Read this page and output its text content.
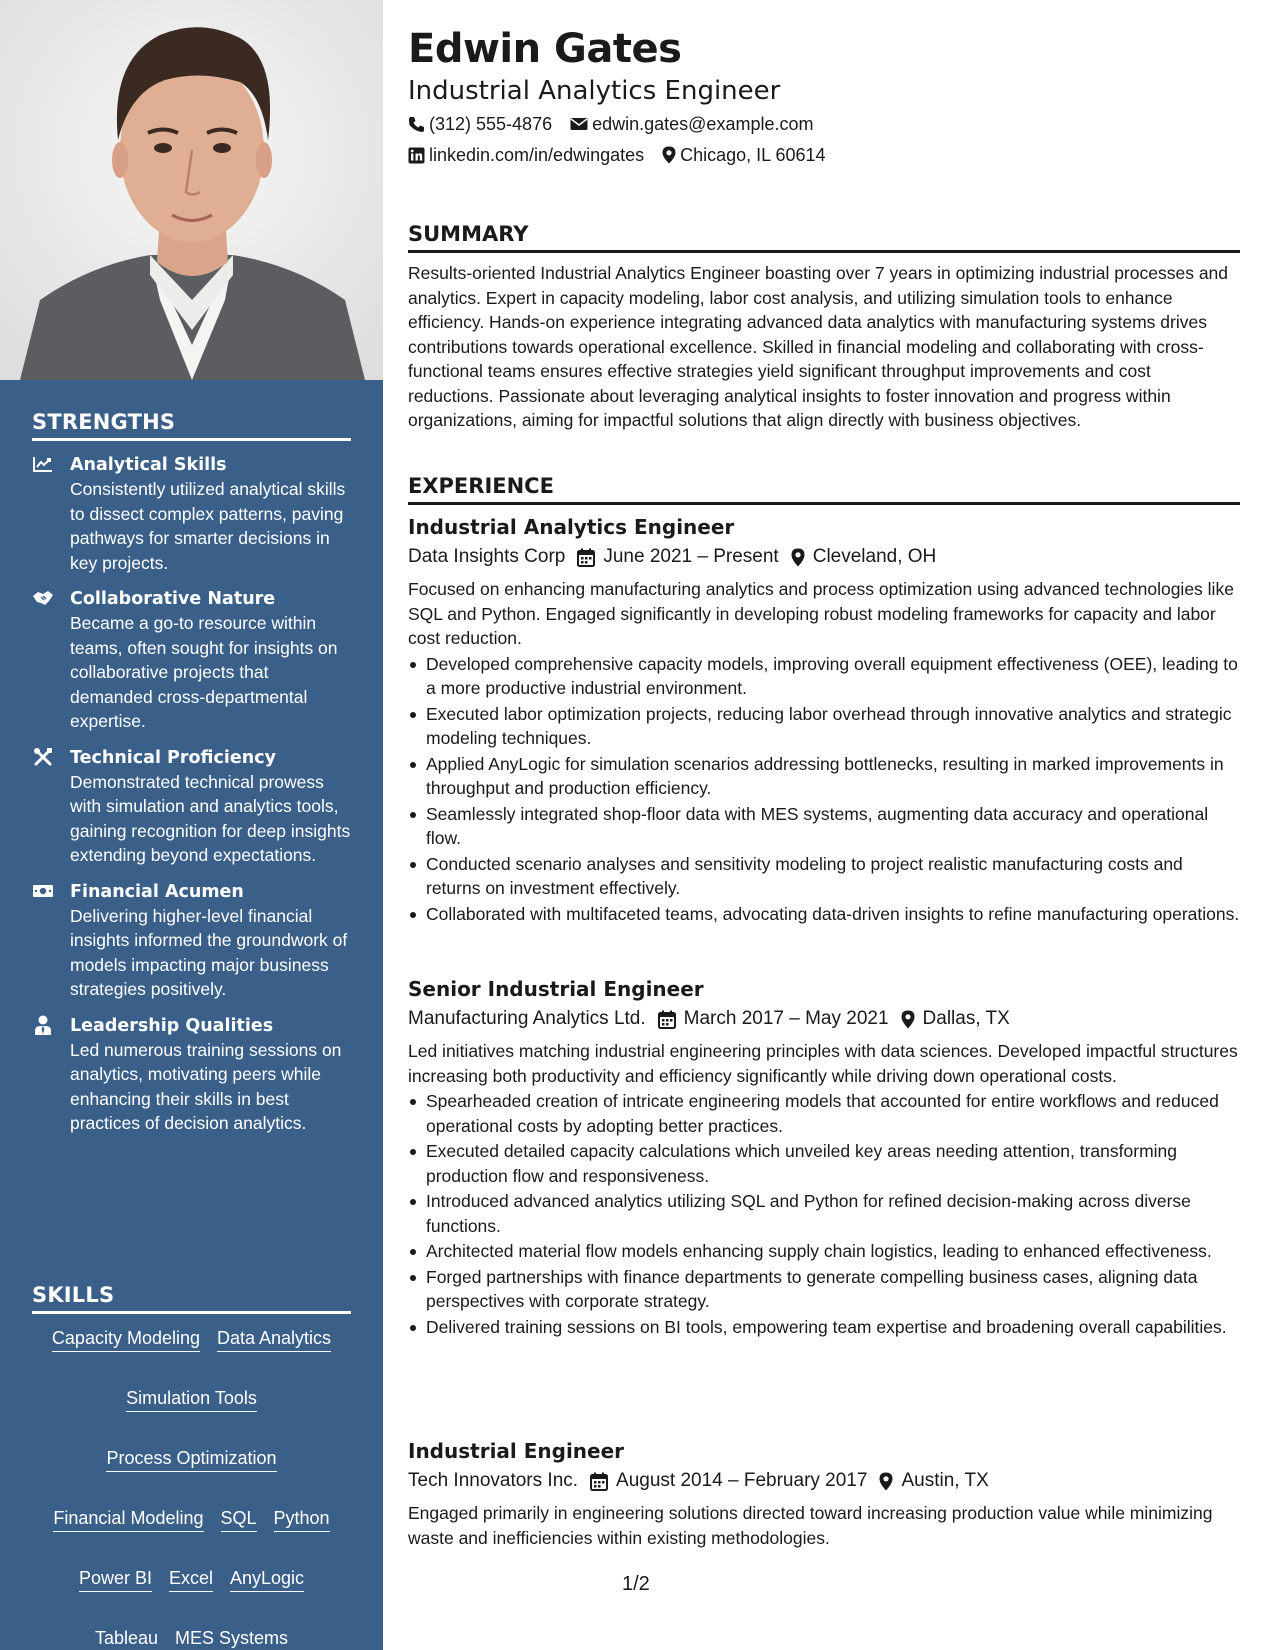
STRENGTHS
Analytical Skills
Consistently utilized analytical skills to dissect complex patterns, paving pathways for smarter decisions in key projects.
Collaborative Nature
Became a go-to resource within teams, often sought for insights on collaborative projects that demanded cross-departmental expertise.
Technical Proficiency
Demonstrated technical prowess with simulation and analytics tools, gaining recognition for deep insights extending beyond expectations.
Financial Acumen
Delivering higher-level financial insights informed the groundwork of models impacting major business strategies positively.
Leadership Qualities
Led numerous training sessions on analytics, motivating peers while enhancing their skills in best practices of decision analytics.
SKILLS
Capacity Modeling Data Analytics
Simulation Tools
Process Optimization
Financial Modeling SQL Python
Power BI Excel AnyLogic
Tableau MES Systems
Edwin Gates
Industrial Analytics Engineer
(312) 555-4876 edwin.gates@example.com
linkedin.com/in/edwingates Chicago, IL 60614
SUMMARY
Results-oriented Industrial Analytics Engineer boasting over 7 years in optimizing industrial processes and analytics. Expert in capacity modeling, labor cost analysis, and utilizing simulation tools to enhance efficiency. Hands-on experience integrating advanced data analytics with manufacturing systems drives contributions towards operational excellence. Skilled in financial modeling and collaborating with cross-functional teams ensures effective strategies yield significant throughput improvements and cost reductions. Passionate about leveraging analytical insights to foster innovation and progress within organizations, aiming for impactful solutions that align directly with business objectives.
EXPERIENCE
Industrial Analytics Engineer
Data Insights Corp June 2021 – Present Cleveland, OH
Focused on enhancing manufacturing analytics and process optimization using advanced technologies like SQL and Python. Engaged significantly in developing robust modeling frameworks for capacity and labor cost reduction.
Developed comprehensive capacity models, improving overall equipment effectiveness (OEE), leading to a more productive industrial environment.
Executed labor optimization projects, reducing labor overhead through innovative analytics and strategic modeling techniques.
Applied AnyLogic for simulation scenarios addressing bottlenecks, resulting in marked improvements in throughput and production efficiency.
Seamlessly integrated shop-floor data with MES systems, augmenting data accuracy and operational flow.
Conducted scenario analyses and sensitivity modeling to project realistic manufacturing costs and returns on investment effectively.
Collaborated with multifaceted teams, advocating data-driven insights to refine manufacturing operations.
Senior Industrial Engineer
Manufacturing Analytics Ltd. March 2017 – May 2021 Dallas, TX
Led initiatives matching industrial engineering principles with data sciences. Developed impactful structures increasing both productivity and efficiency significantly while driving down operational costs.
Spearheaded creation of intricate engineering models that accounted for entire workflows and reduced operational costs by adopting better practices.
Executed detailed capacity calculations which unveiled key areas needing attention, transforming production flow and responsiveness.
Introduced advanced analytics utilizing SQL and Python for refined decision-making across diverse functions.
Architected material flow models enhancing supply chain logistics, leading to enhanced effectiveness.
Forged partnerships with finance departments to generate compelling business cases, aligning data perspectives with corporate strategy.
Delivered training sessions on BI tools, empowering team expertise and broadening overall capabilities.
Industrial Engineer
Tech Innovators Inc. August 2014 – February 2017 Austin, TX
Engaged primarily in engineering solutions directed toward increasing production value while minimizing waste and inefficiencies within existing methodologies.
1/2
